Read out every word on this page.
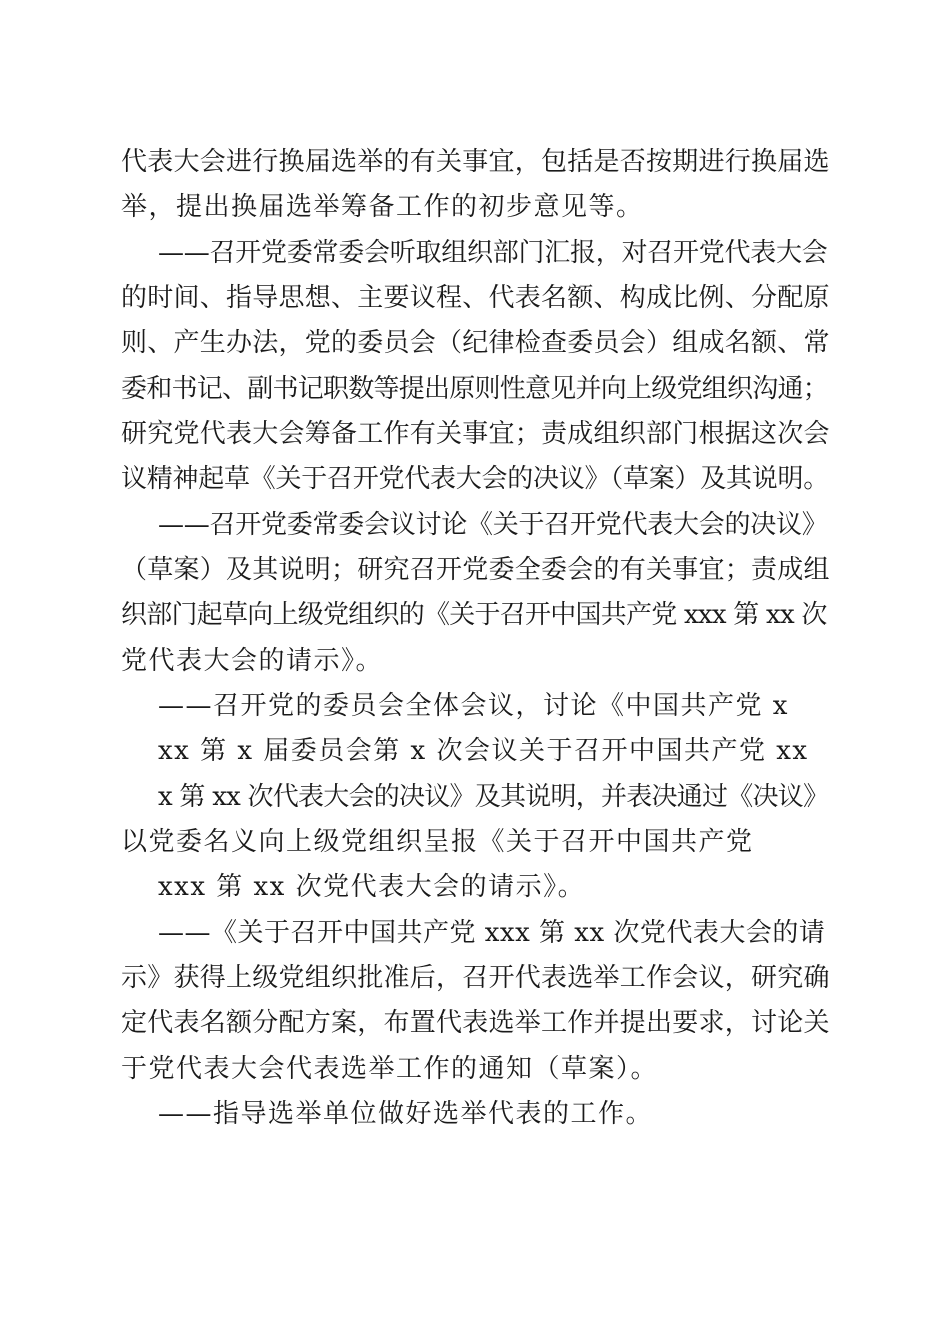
代表大会进行换届选举的有关事宜，包括是否按期进行换届选
举，提出换届选举筹备工作的初步意见等。
——召开党委常委会听取组织部门汇报，对召开党代表大会
的时间、指导思想、主要议程、代表名额、构成比例、分配原
则、产生办法，党的委员会（纪律检查委员会）组成名额、常
委和书记、副书记职数等提出原则性意见并向上级党组织沟通；
研究党代表大会筹备工作有关事宜；责成组织部门根据这次会
议精神起草《关于召开党代表大会的决议》（草案）及其说明。
——召开党委常委会议讨论《关于召开党代表大会的决议》
（草案）及其说明；研究召开党委全委会的有关事宜；责成组
织部门起草向上级党组织的《关于召开中国共产党 xxx 第 xx 次
党代表大会的请示》。
——召开党的委员会全体会议，讨论《中国共产党 x
xx 第 x 届委员会第 x 次会议关于召开中国共产党 xx
x 第 xx 次代表大会的决议》及其说明，并表决通过《决议》
以党委名义向上级党组织呈报《关于召开中国共产党
xxx 第 xx 次党代表大会的请示》。
——《关于召开中国共产党 xxx 第 xx 次党代表大会的请
示》获得上级党组织批准后，召开代表选举工作会议，研究确
定代表名额分配方案，布置代表选举工作并提出要求，讨论关
于党代表大会代表选举工作的通知（草案）。
——指导选举单位做好选举代表的工作。
